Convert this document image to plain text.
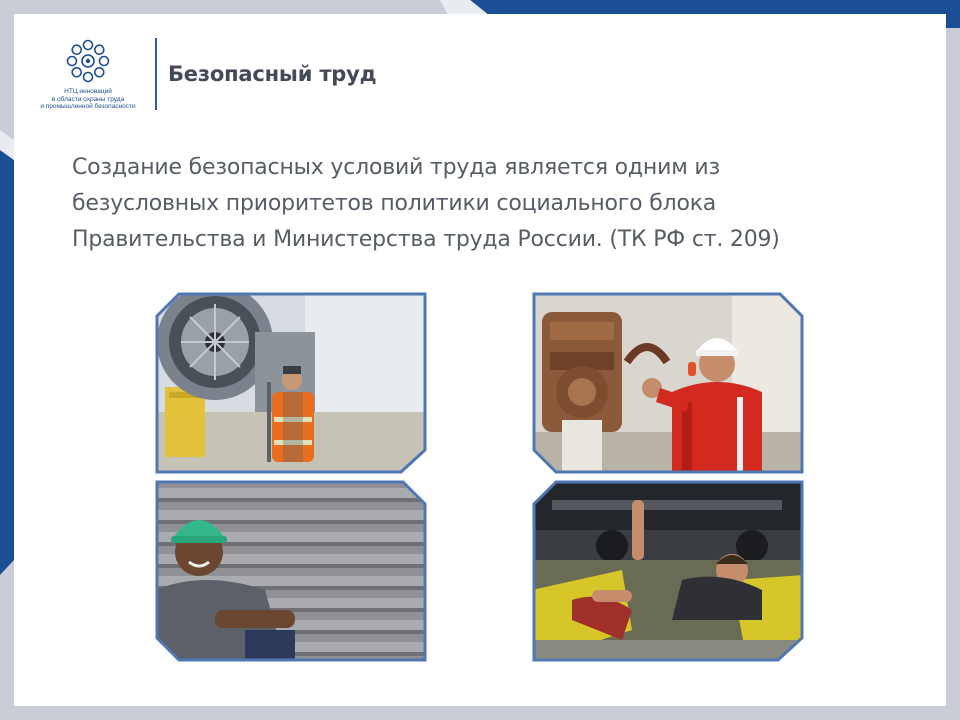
НТЦ инноваций
в области охраны труда
и промышленной безопасности
Безопасный труд
Создание безопасных условий труда является одним из
безусловных приоритетов политики социального блока
Правительства и Министерства труда России. (ТК РФ ст. 209)
